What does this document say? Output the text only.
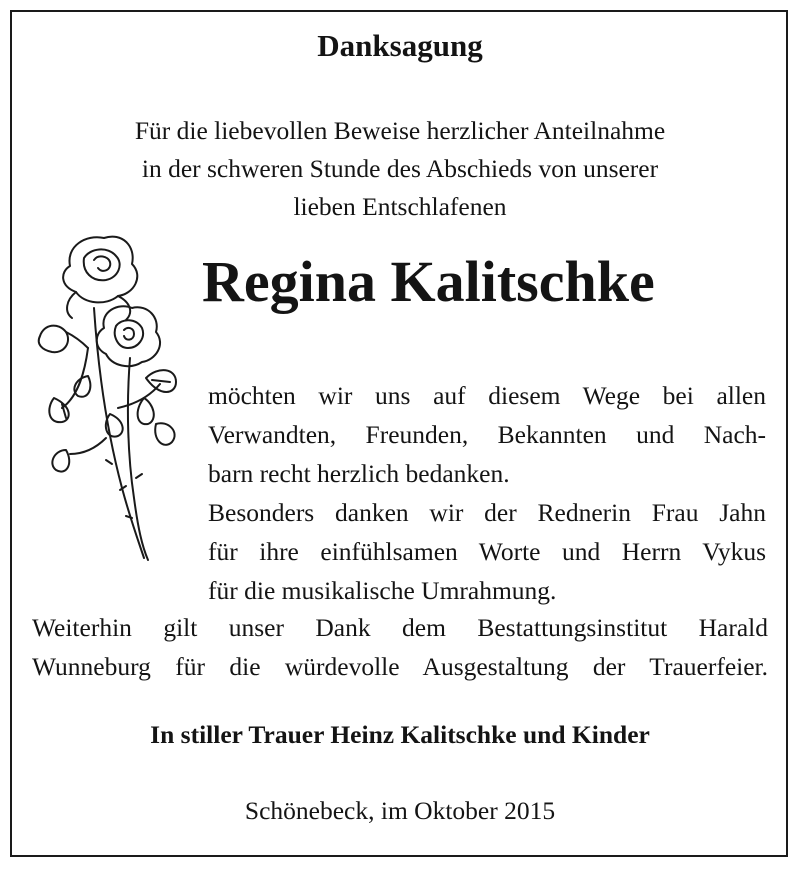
Danksagung
Für die liebevollen Beweise herzlicher Anteilnahme
in der schweren Stunde des Abschieds von unserer
lieben Entschlafenen
Regina Kalitschke
möchten wir uns auf diesem Wege bei allen
Verwandten, Freunden, Bekannten und Nach-
barn recht herzlich bedanken.
Besonders danken wir der Rednerin Frau Jahn
für ihre einfühlsamen Worte und Herrn Vykus
für die musikalische Umrahmung.
Weiterhin gilt unser Dank dem Bestattungsinstitut Harald
Wunneburg für die würdevolle Ausgestaltung der Trauerfeier.
In stiller Trauer Heinz Kalitschke und Kinder
Schönebeck, im Oktober 2015
